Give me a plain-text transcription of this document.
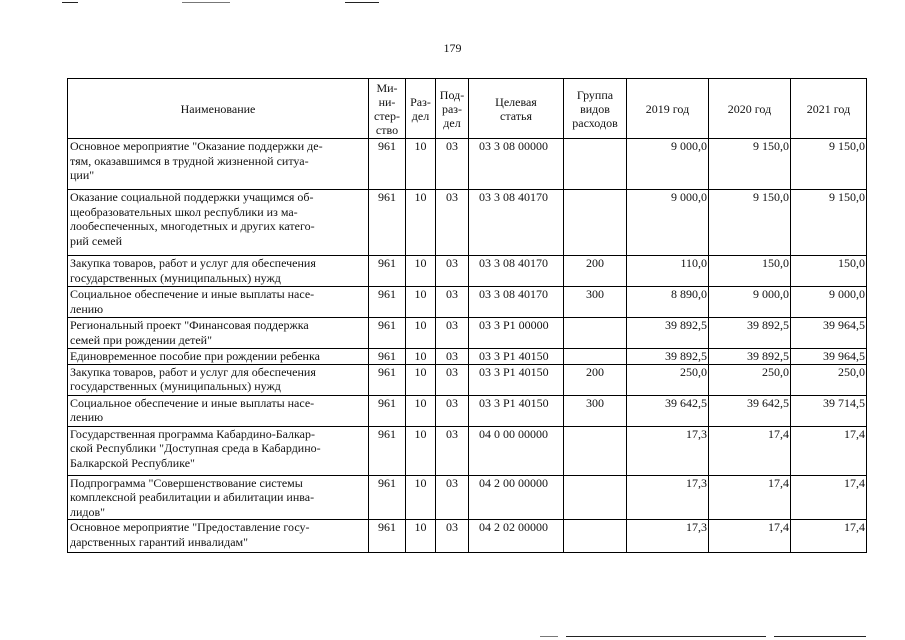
179
Наименование	Ми-
ни-
стер-
ство	Раз-
дел	Под-
раз-
дел	Целевая
статья	Группа
видов
расходов	2019 год	2020 год	2021 год
Основное мероприятие "Оказание поддержки де-
тям, оказавшимся в трудной жизненной ситуа-
ции"	961	10	03	03 3 08 00000		9 000,0	9 150,0	9 150,0
Оказание социальной поддержки учащимся об-
щеобразовательных школ республики из ма-
лообеспеченных, многодетных и других катего-
рий семей	961	10	03	03 3 08 40170		9 000,0	9 150,0	9 150,0
Закупка товаров, работ и услуг для обеспечения
государственных (муниципальных) нужд	961	10	03	03 3 08 40170	200	110,0	150,0	150,0
Социальное обеспечение и иные выплаты насе-
лению	961	10	03	03 3 08 40170	300	8 890,0	9 000,0	9 000,0
Региональный проект "Финансовая поддержка
семей при рождении детей"	961	10	03	03 3 P1 00000		39 892,5	39 892,5	39 964,5
Единовременное пособие при рождении ребенка	961	10	03	03 3 P1 40150		39 892,5	39 892,5	39 964,5
Закупка товаров, работ и услуг для обеспечения
государственных (муниципальных) нужд	961	10	03	03 3 P1 40150	200	250,0	250,0	250,0
Социальное обеспечение и иные выплаты насе-
лению	961	10	03	03 3 P1 40150	300	39 642,5	39 642,5	39 714,5
Государственная программа Кабардино-Балкар-
ской Республики "Доступная среда в Кабардино-
Балкарской Республике"	961	10	03	04 0 00 00000		17,3	17,4	17,4
Подпрограмма "Совершенствование системы
комплексной реабилитации и абилитации инва-
лидов"	961	10	03	04 2 00 00000		17,3	17,4	17,4
Основное мероприятие "Предоставление госу-
дарственных гарантий инвалидам"	961	10	03	04 2 02 00000		17,3	17,4	17,4
